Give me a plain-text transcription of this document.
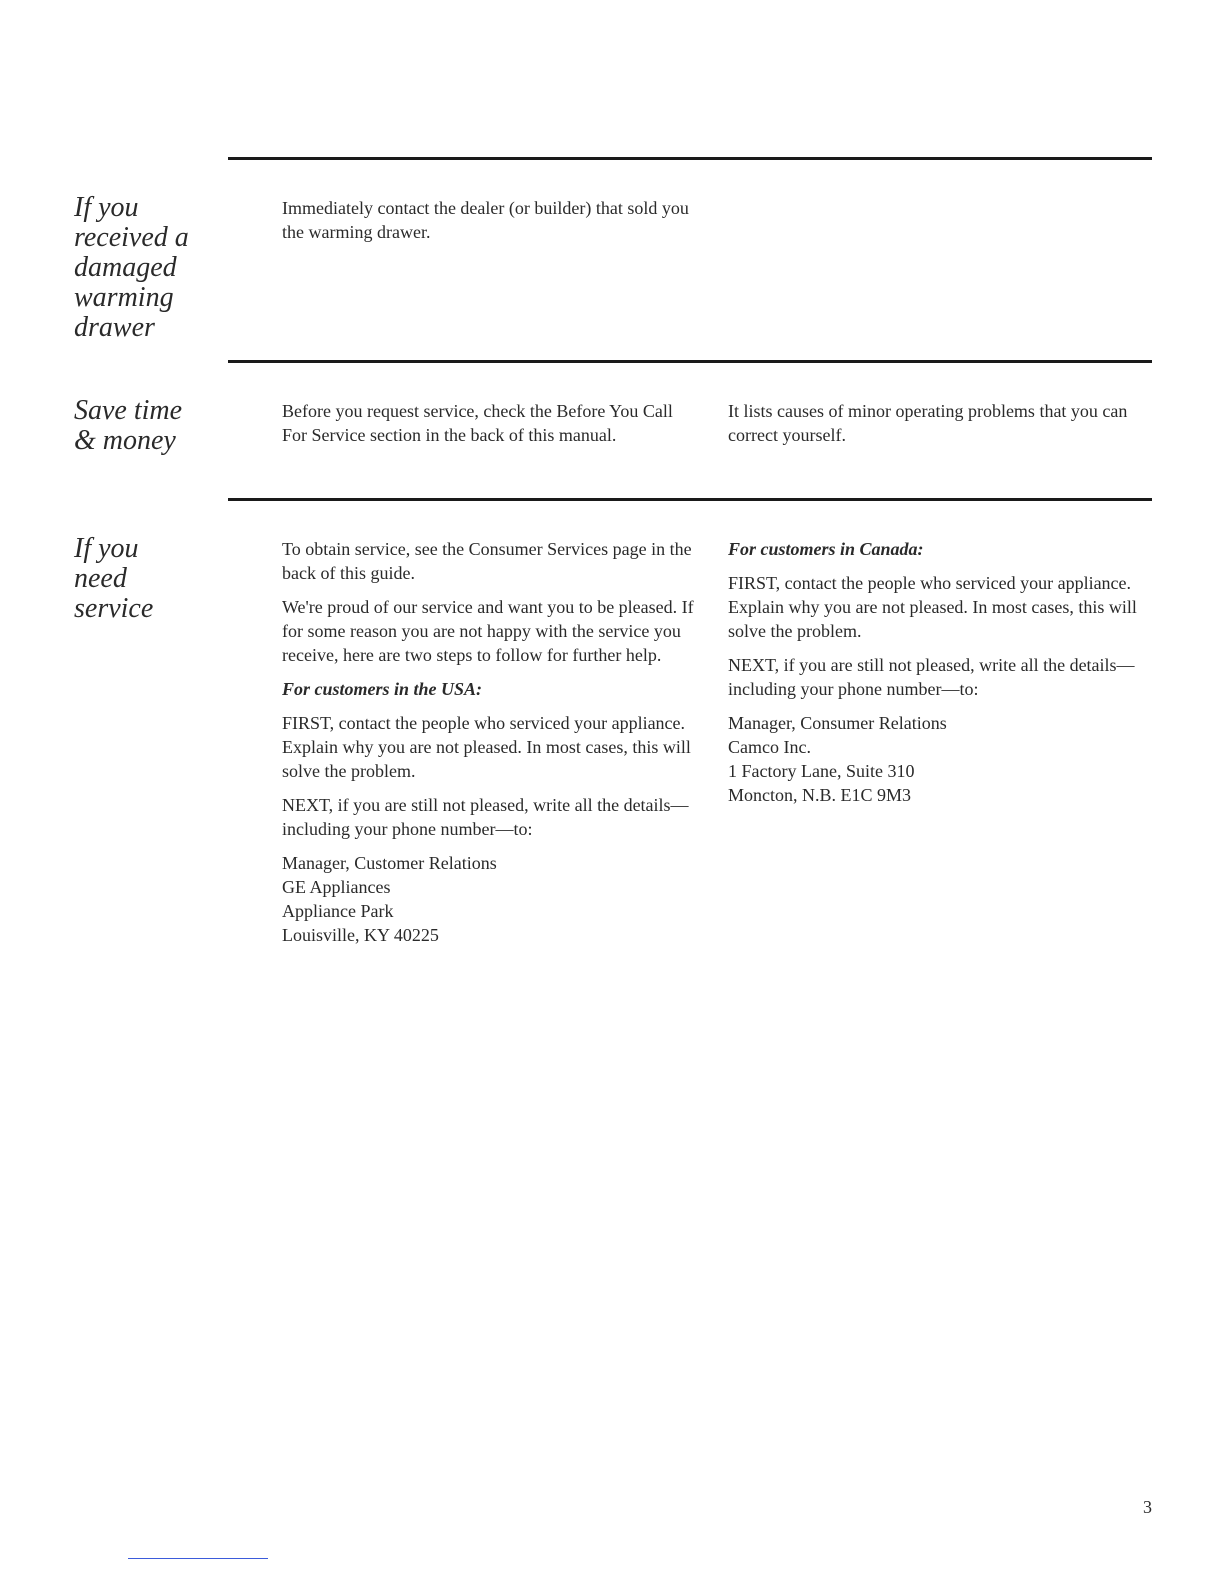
If you
received a
damaged
warming
drawer

Immediately contact the dealer (or builder) that sold you the warming drawer.

Save time
& money

Before you request service, check the Before You Call For Service section in the back of this manual.

It lists causes of minor operating problems that you can correct yourself.

If you
need
service

To obtain service, see the Consumer Services page in the back of this guide.

We're proud of our service and want you to be pleased. If for some reason you are not happy with the service you receive, here are two steps to follow for further help.

For customers in the USA:

FIRST, contact the people who serviced your appliance. Explain why you are not pleased. In most cases, this will solve the problem.

NEXT, if you are still not pleased, write all the details—including your phone number—to:

Manager, Customer Relations
GE Appliances
Appliance Park
Louisville, KY 40225

For customers in Canada:

FIRST, contact the people who serviced your appliance. Explain why you are not pleased. In most cases, this will solve the problem.

NEXT, if you are still not pleased, write all the details—including your phone number—to:

Manager, Consumer Relations
Camco Inc.
1 Factory Lane, Suite 310
Moncton, N.B. E1C 9M3

3
